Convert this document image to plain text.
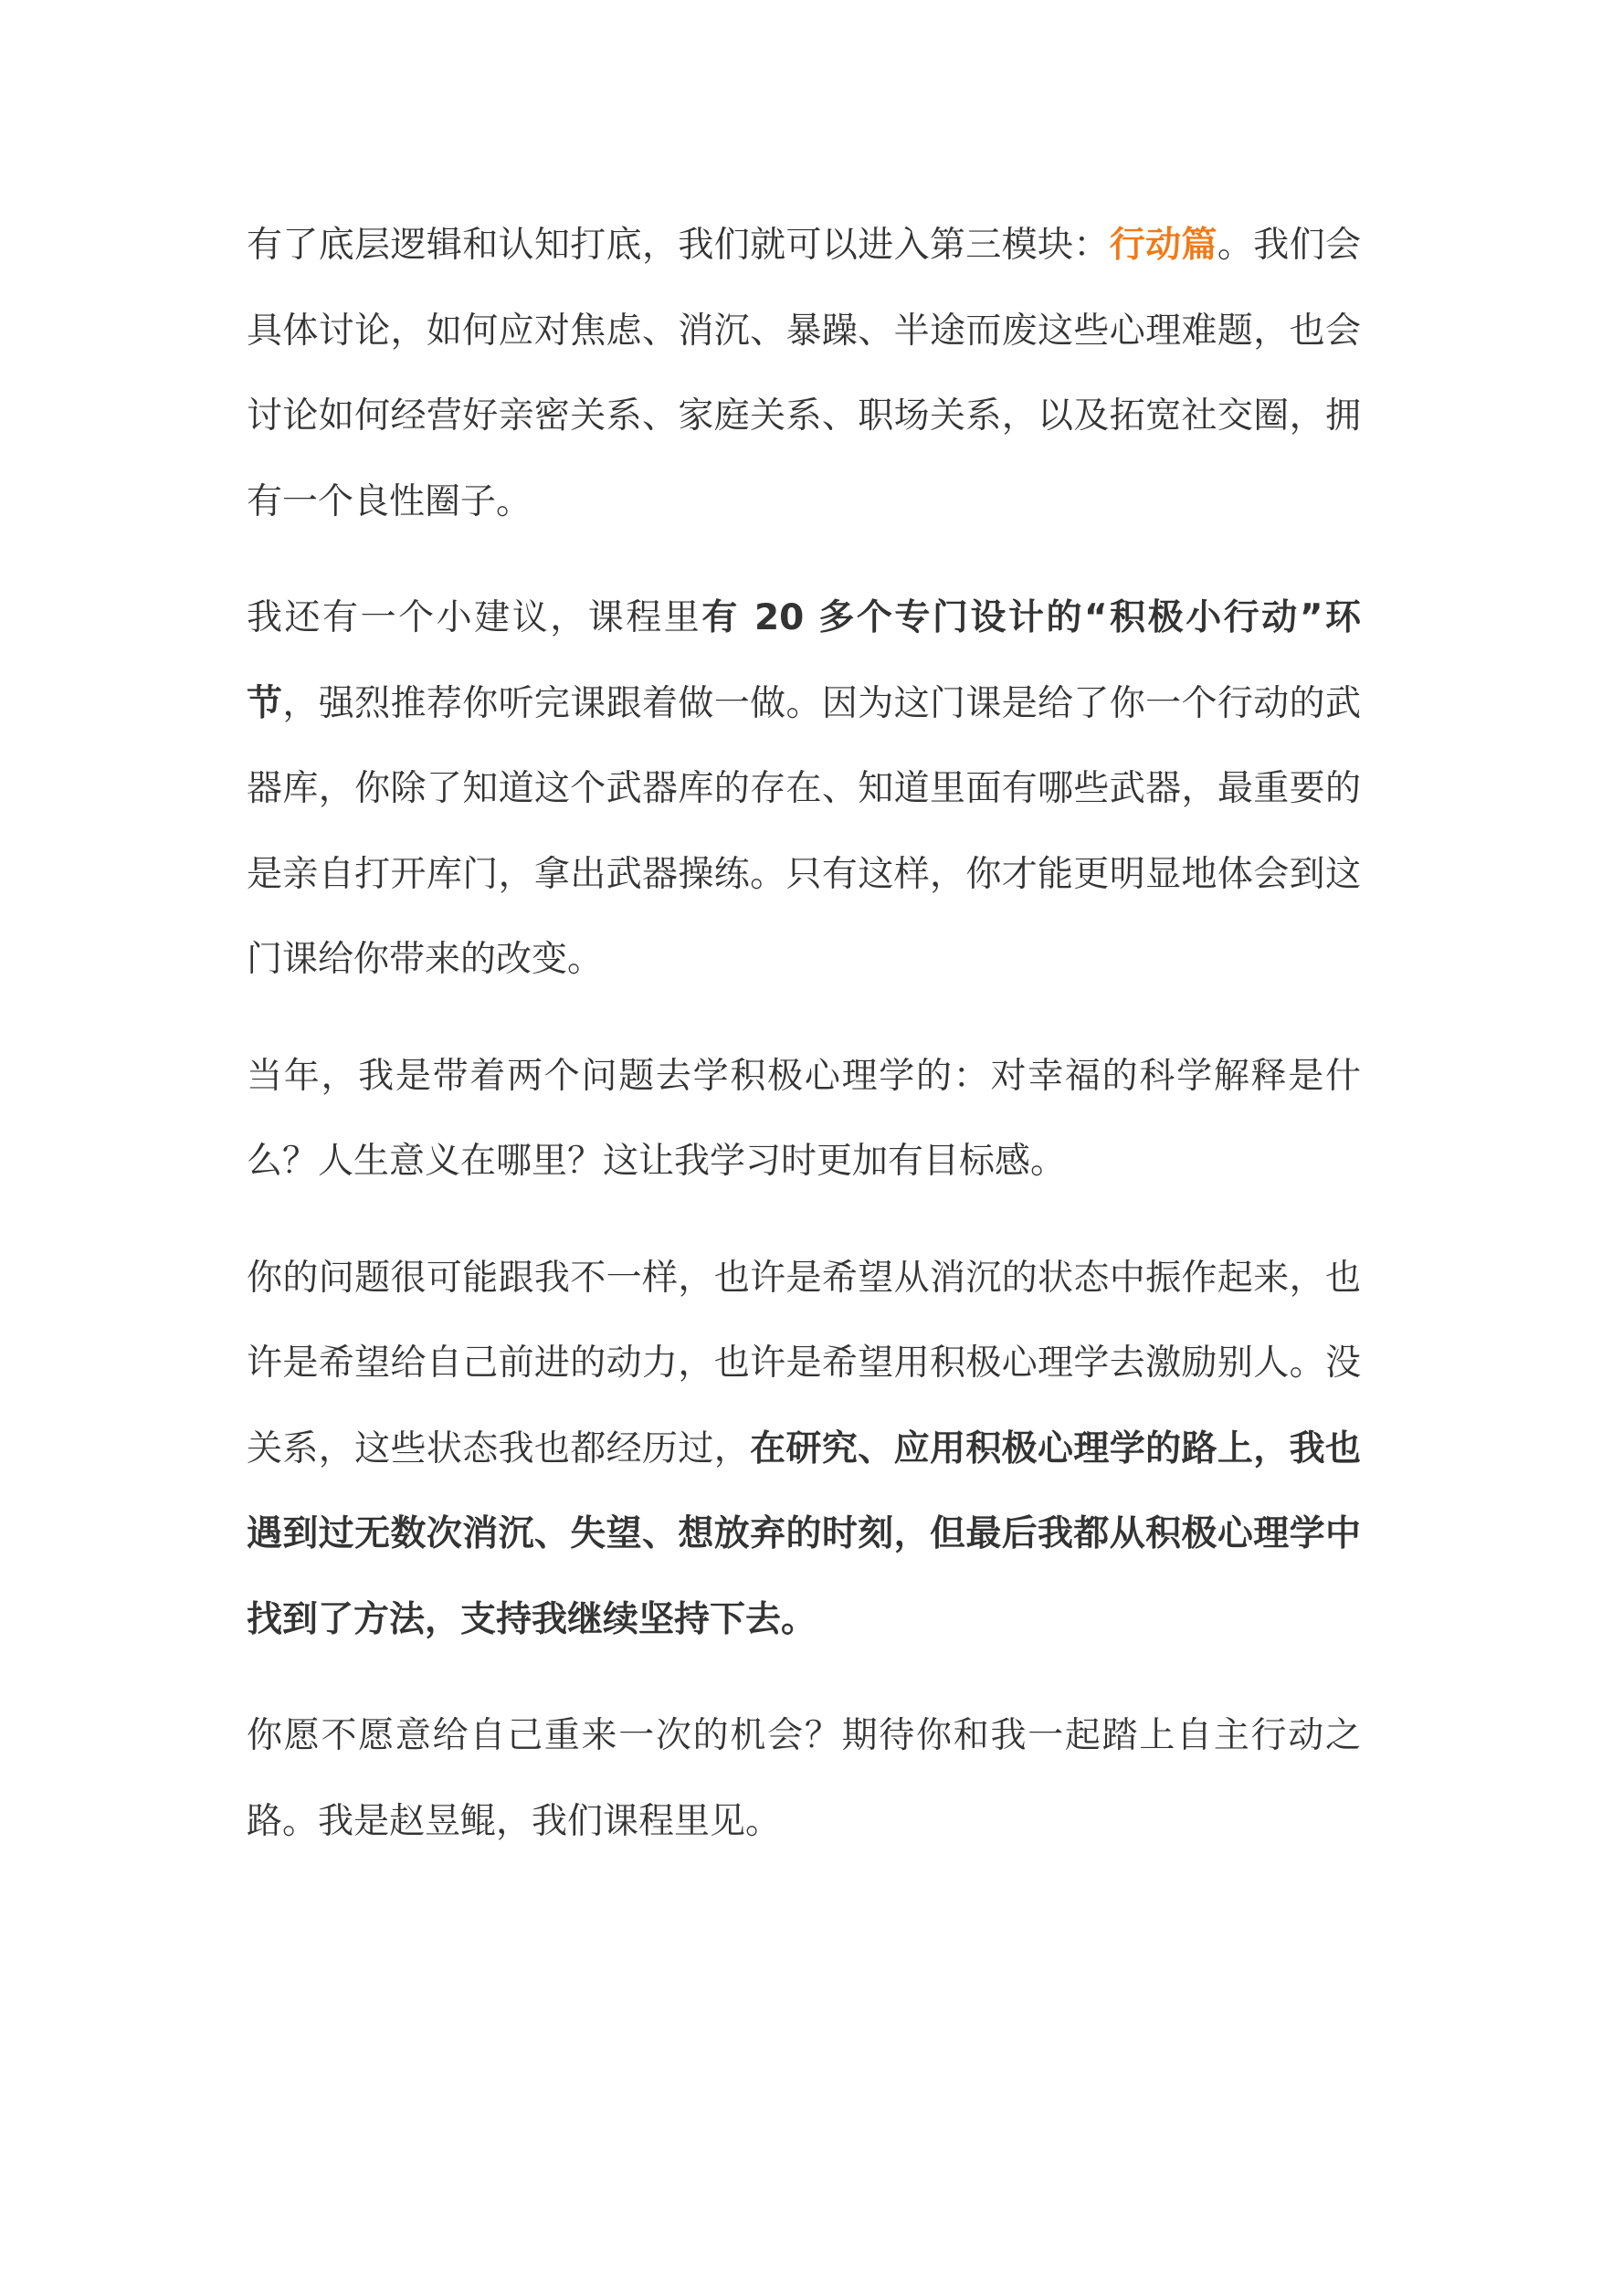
有了底层逻辑和认知打底，我们就可以进入第三模块：行动篇。我们会具体讨论，如何应对焦虑、消沉、暴躁、半途而废这些心理难题，也会讨论如何经营好亲密关系、家庭关系、职场关系，以及拓宽社交圈，拥有一个良性圈子。

我还有一个小建议，课程里有 20 多个专门设计的“积极小行动”环节，强烈推荐你听完课跟着做一做。因为这门课是给了你一个行动的武器库，你除了知道这个武器库的存在、知道里面有哪些武器，最重要的是亲自打开库门，拿出武器操练。只有这样，你才能更明显地体会到这门课给你带来的改变。

当年，我是带着两个问题去学积极心理学的：对幸福的科学解释是什么？人生意义在哪里？这让我学习时更加有目标感。

你的问题很可能跟我不一样，也许是希望从消沉的状态中振作起来，也许是希望给自己前进的动力，也许是希望用积极心理学去激励别人。没关系，这些状态我也都经历过，在研究、应用积极心理学的路上，我也遇到过无数次消沉、失望、想放弃的时刻，但最后我都从积极心理学中找到了方法，支持我继续坚持下去。

你愿不愿意给自己重来一次的机会？期待你和我一起踏上自主行动之路。我是赵昱鲲，我们课程里见。
